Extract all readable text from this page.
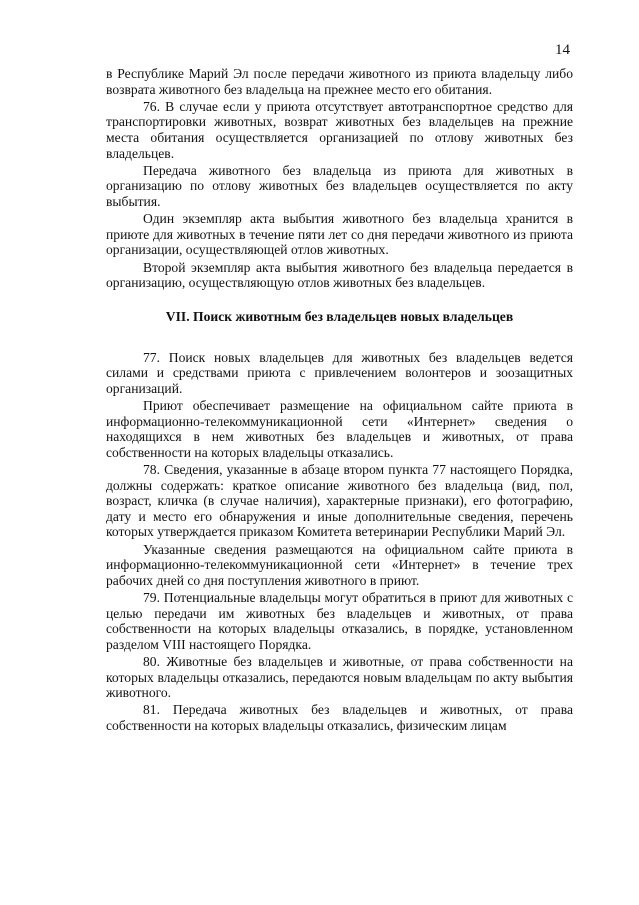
14

в Республике Марий Эл после передачи животного из приюта владельцу либо возврата животного без владельца на прежнее место его обитания.

76. В случае если у приюта отсутствует автотранспортное средство для транспортировки животных, возврат животных без владельцев на прежние места обитания осуществляется организацией по отлову животных без владельцев.

Передача животного без владельца из приюта для животных в организацию по отлову животных без владельцев осуществляется по акту выбытия.

Один экземпляр акта выбытия животного без владельца хранится в приюте для животных в течение пяти лет со дня передачи животного из приюта организации, осуществляющей отлов животных.

Второй экземпляр акта выбытия животного без владельца передается в организацию, осуществляющую отлов животных без владельцев.

VII. Поиск животным без владельцев новых владельцев

77. Поиск новых владельцев для животных без владельцев ведется силами и средствами приюта с привлечением волонтеров и зоозащитных организаций.

Приют обеспечивает размещение на официальном сайте приюта в информационно-телекоммуникационной сети «Интернет» сведения о находящихся в нем животных без владельцев и животных, от права собственности на которых владельцы отказались.

78. Сведения, указанные в абзаце втором пункта 77 настоящего Порядка, должны содержать: краткое описание животного без владельца (вид, пол, возраст, кличка (в случае наличия), характерные признаки), его фотографию, дату и место его обнаружения и иные дополнительные сведения, перечень которых утверждается приказом Комитета ветеринарии Республики Марий Эл.

Указанные сведения размещаются на официальном сайте приюта в информационно-телекоммуникационной сети «Интернет» в течение трех рабочих дней со дня поступления животного в приют.

79. Потенциальные владельцы могут обратиться в приют для животных с целью передачи им животных без владельцев и животных, от права собственности на которых владельцы отказались, в порядке, установленном разделом VIII настоящего Порядка.

80. Животные без владельцев и животные, от права собственности на которых владельцы отказались, передаются новым владельцам по акту выбытия животного.

81. Передача животных без владельцев и животных, от права собственности на которых владельцы отказались, физическим лицам
